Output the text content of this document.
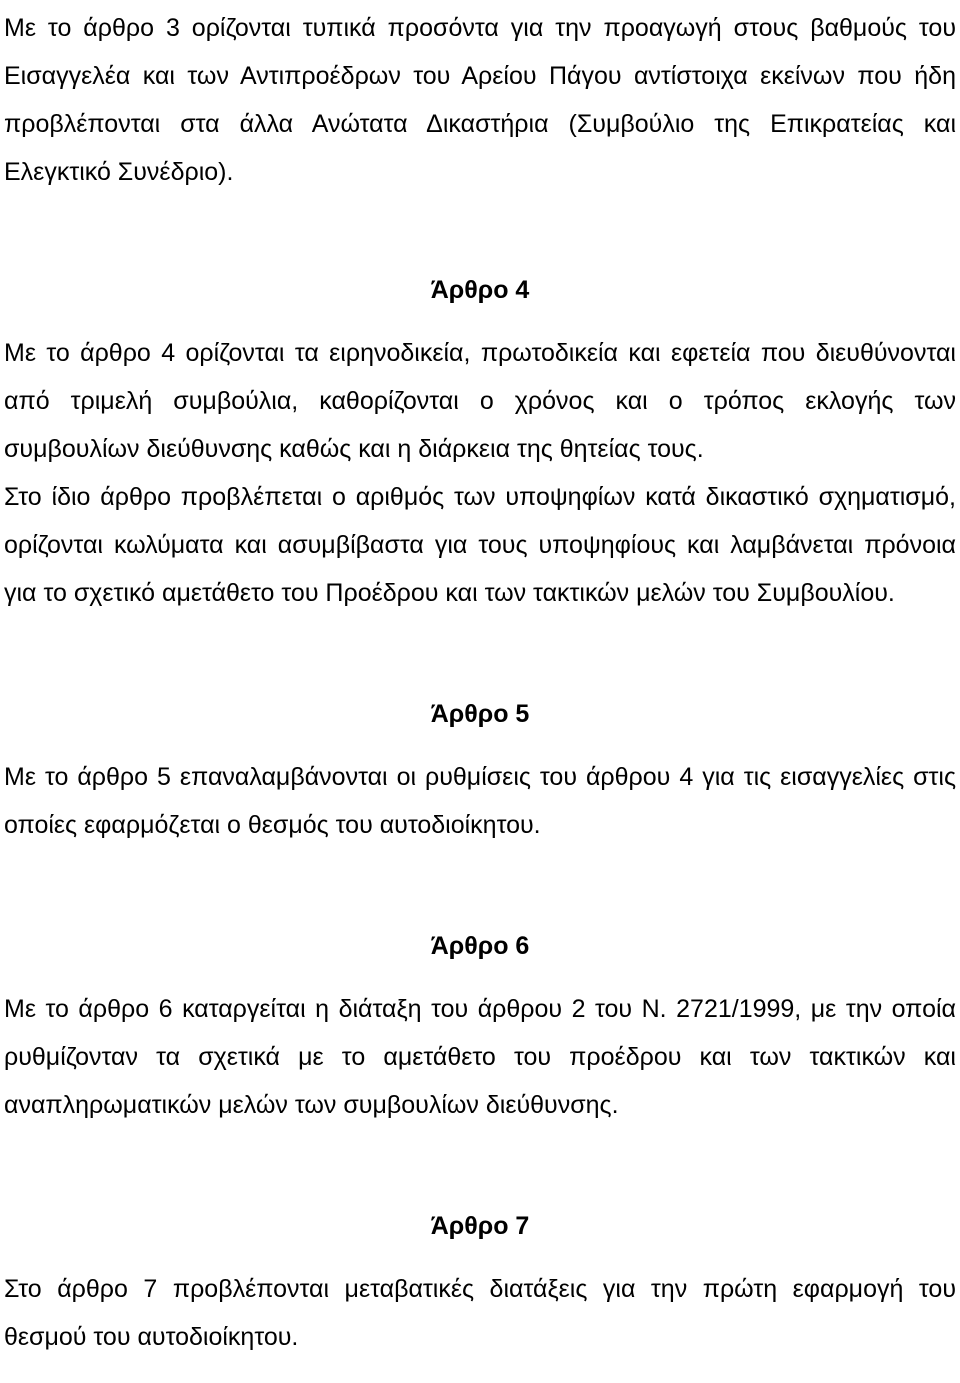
Με το άρθρο 3 ορίζονται τυπικά προσόντα για την προαγωγή στους βαθμούς του Εισαγγελέα και των Αντιπροέδρων του Αρείου Πάγου αντίστοιχα εκείνων που ήδη προβλέπονται στα άλλα Ανώτατα Δικαστήρια (Συμβούλιο της Επικρατείας και Ελεγκτικό Συνέδριο).

Άρθρο 4

Με το άρθρο 4 ορίζονται τα ειρηνοδικεία, πρωτοδικεία και εφετεία που διευθύνονται από τριμελή συμβούλια, καθορίζονται ο χρόνος και ο τρόπος εκλογής των συμβουλίων διεύθυνσης καθώς και η διάρκεια της θητείας τους.

Στο ίδιο άρθρο προβλέπεται ο αριθμός των υποψηφίων κατά δικαστικό σχηματισμό, ορίζονται κωλύματα και ασυμβίβαστα για τους υποψηφίους και λαμβάνεται πρόνοια για το σχετικό αμετάθετο του Προέδρου και των τακτικών μελών του Συμβουλίου.

Άρθρο 5

Με το άρθρο 5 επαναλαμβάνονται οι ρυθμίσεις του άρθρου 4 για τις εισαγγελίες στις οποίες εφαρμόζεται ο θεσμός του αυτοδιοίκητου.

Άρθρο 6

Με το άρθρο 6 καταργείται η διάταξη του άρθρου 2 του Ν. 2721/1999, με την οποία ρυθμίζονταν τα σχετικά με το αμετάθετο του προέδρου και των τακτικών και αναπληρωματικών μελών των συμβουλίων διεύθυνσης.

Άρθρο 7

Στο άρθρο 7 προβλέπονται μεταβατικές διατάξεις για την πρώτη εφαρμογή του θεσμού του αυτοδιοίκητου.
